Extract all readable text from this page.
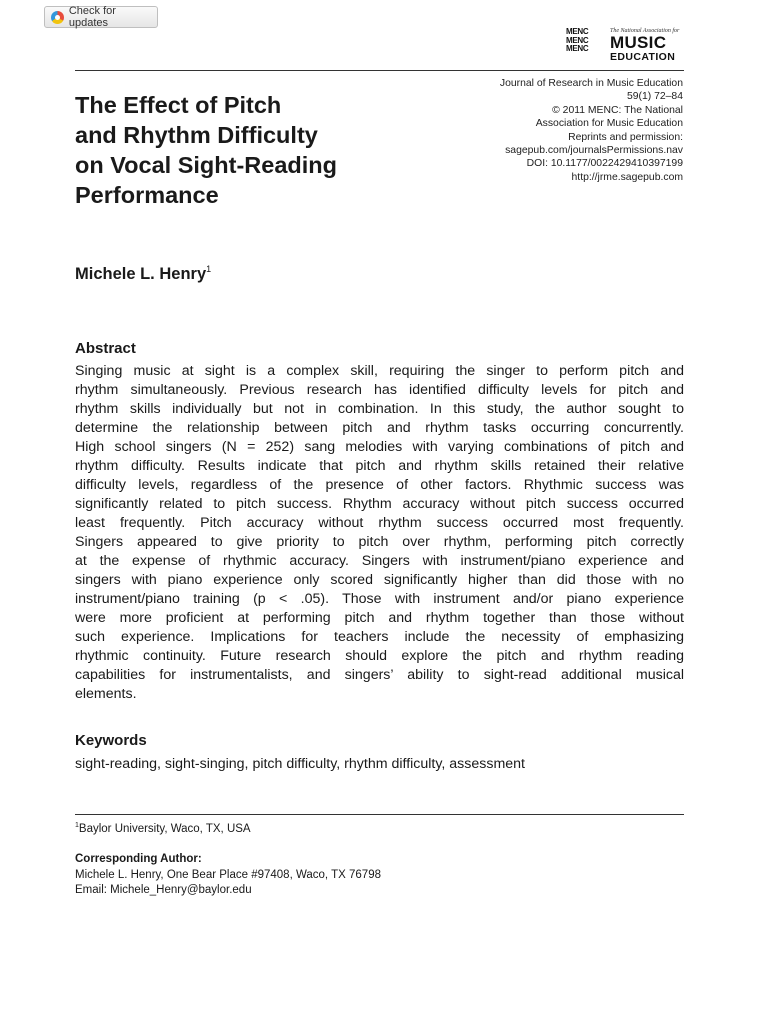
Check for updates
MENC
MENC
MENC
The National Association for
MUSIC
EDUCATION
Journal of Research in Music Education
59(1) 72–84
© 2011 MENC: The National
Association for Music Education
Reprints and permission:
sagepub.com/journalsPermissions.nav
DOI: 10.1177/0022429410397199
http://jrme.sagepub.com
The Effect of Pitch
and Rhythm Difficulty
on Vocal Sight-Reading
Performance

Michele L. Henry$^1$

Abstract
Singing music at sight is a complex skill, requiring the singer to perform pitch and
rhythm simultaneously. Previous research has identified difficulty levels for pitch and
rhythm skills individually but not in combination. In this study, the author sought to
determine the relationship between pitch and rhythm tasks occurring concurrently.
High school singers (N = 252) sang melodies with varying combinations of pitch and
rhythm difficulty. Results indicate that pitch and rhythm skills retained their relative
difficulty levels, regardless of the presence of other factors. Rhythmic success was
significantly related to pitch success. Rhythm accuracy without pitch success occurred
least frequently. Pitch accuracy without rhythm success occurred most frequently.
Singers appeared to give priority to pitch over rhythm, performing pitch correctly
at the expense of rhythmic accuracy. Singers with instrument/piano experience and
singers with piano experience only scored significantly higher than did those with no
instrument/piano training (p < .05). Those with instrument and/or piano experience
were more proficient at performing pitch and rhythm together than those without
such experience. Implications for teachers include the necessity of emphasizing
rhythmic continuity. Future research should explore the pitch and rhythm reading
capabilities for instrumentalists, and singers’ ability to sight-read additional musical
elements.
Keywords

sight-reading, sight-singing, pitch difficulty, rhythm difficulty, assessment

$^1$Baylor University, Waco, TX, USA

Corresponding Author:
Michele L. Henry, One Bear Place #97408, Waco, TX 76798
Email: Michele_Henry@baylor.edu
